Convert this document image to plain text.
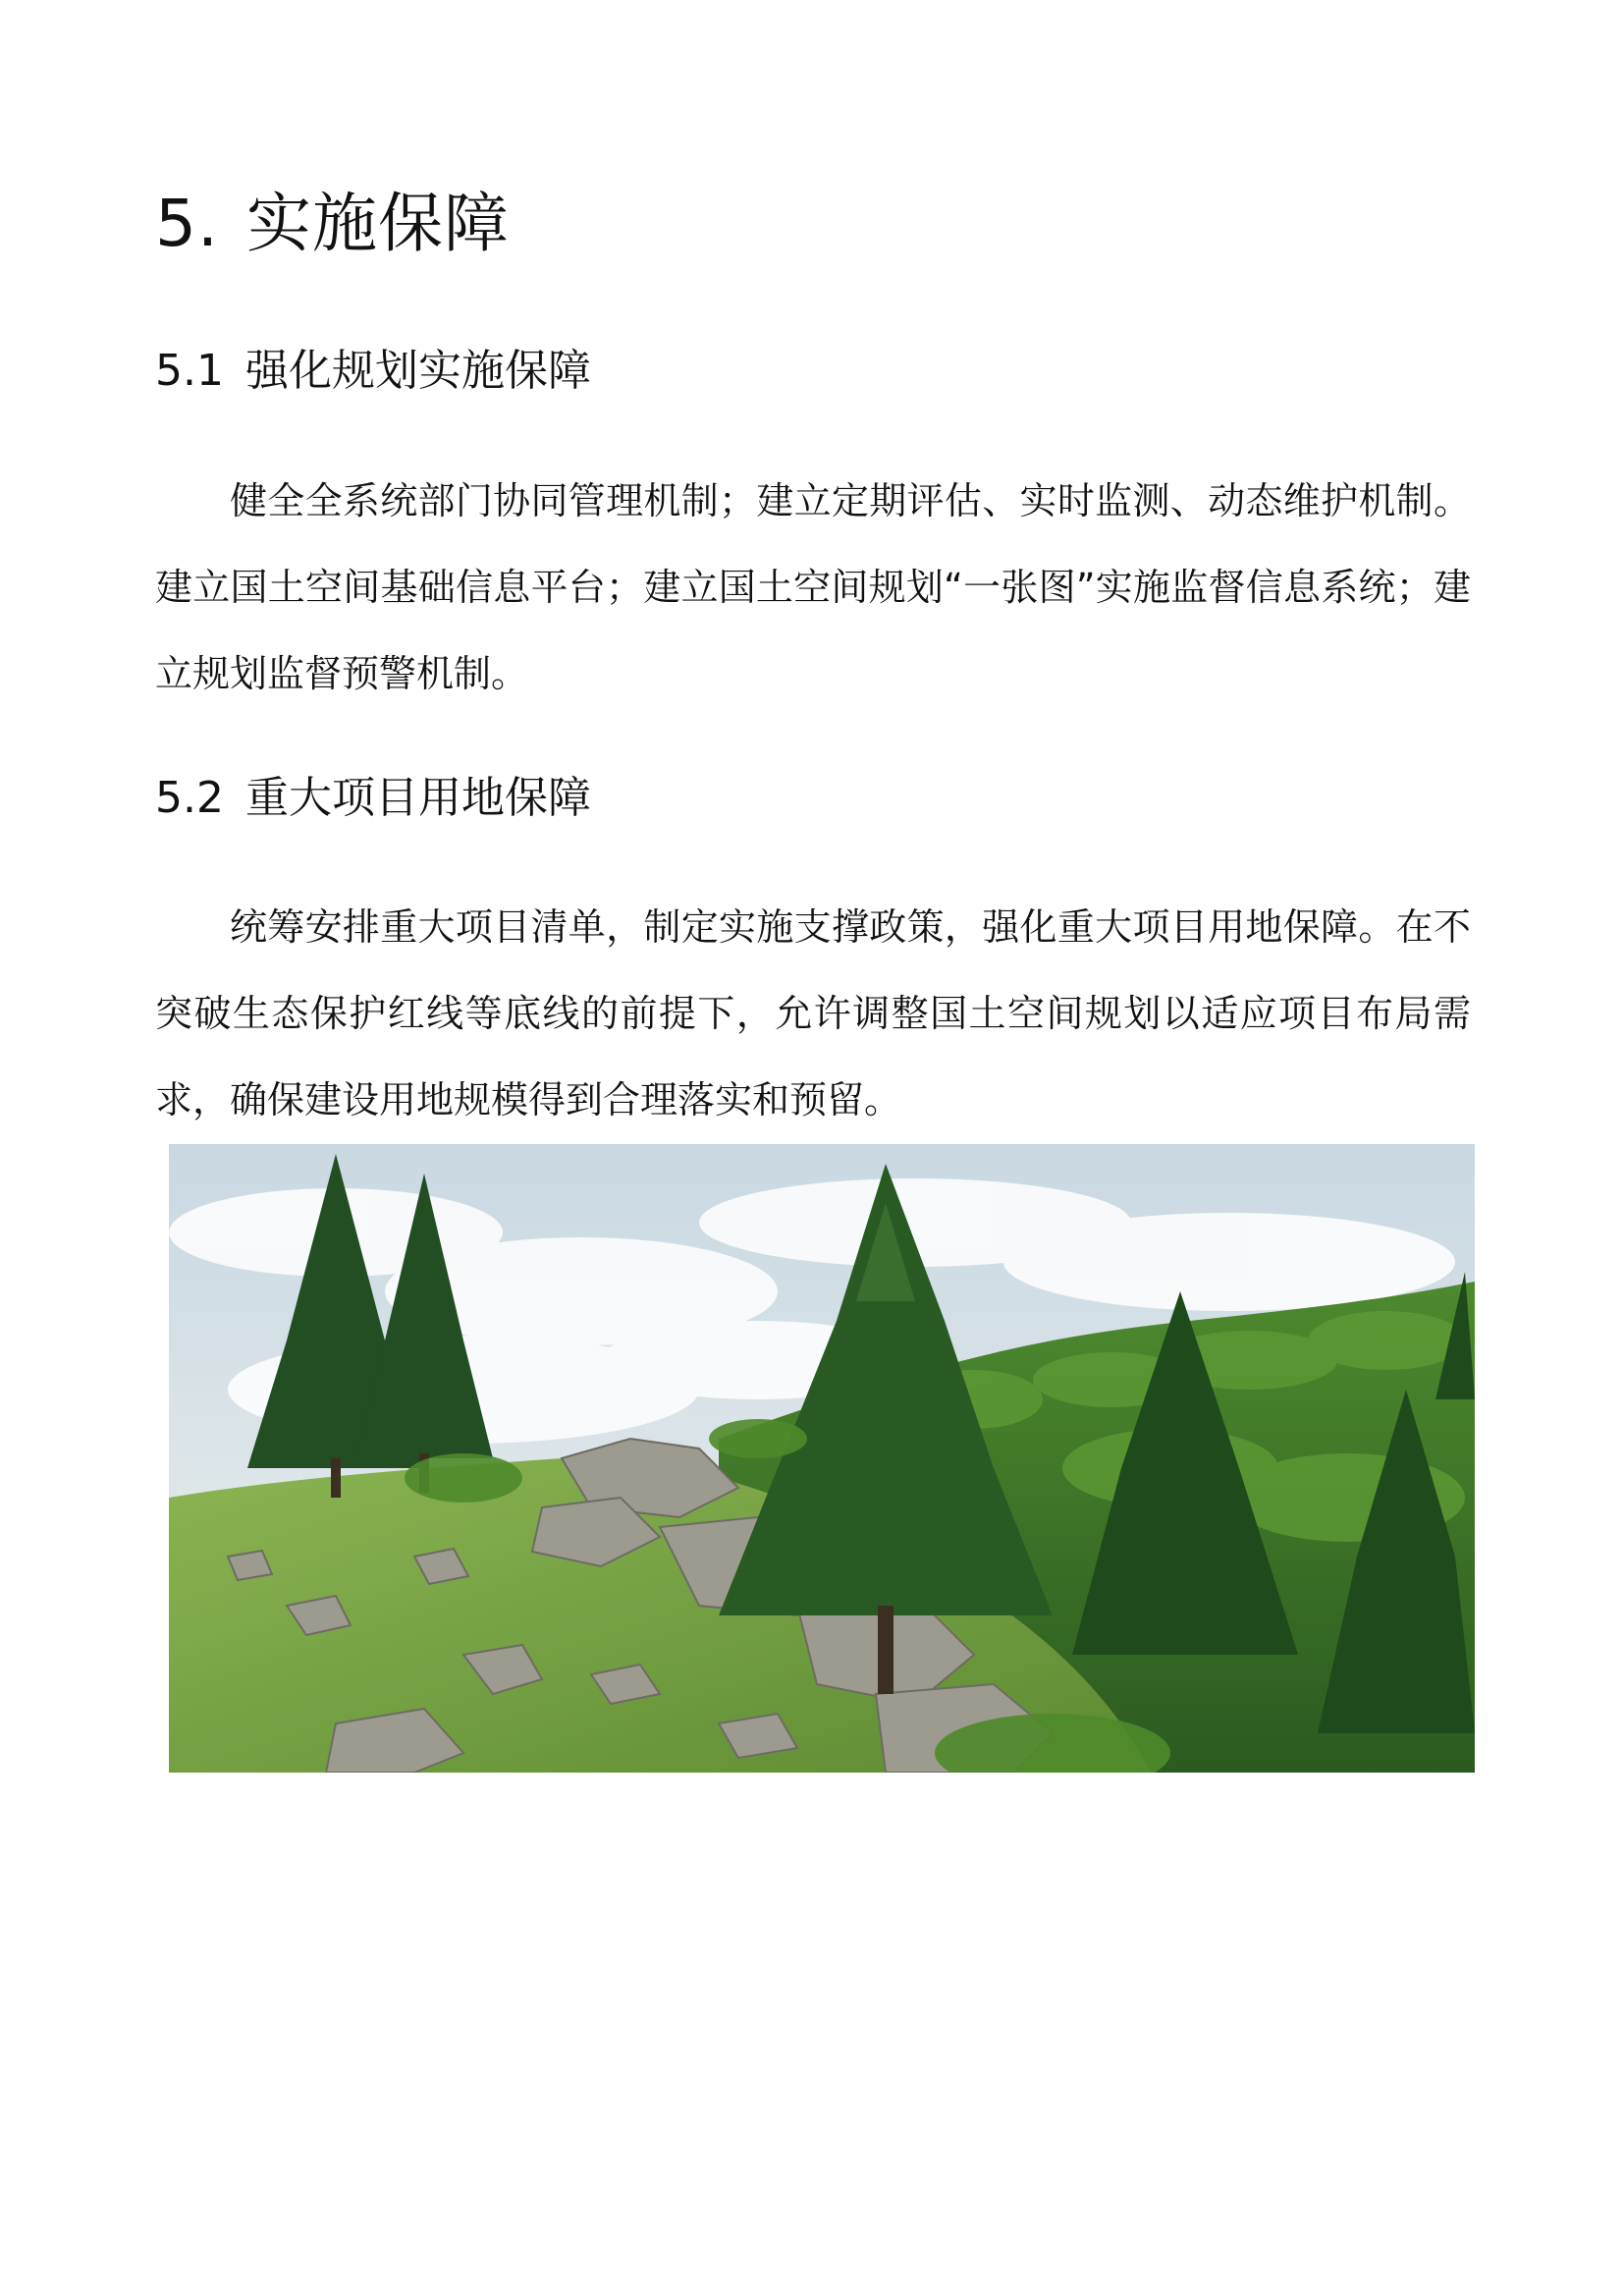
5. 实施保障
5.1 强化规划实施保障

健全全系统部门协同管理机制；建立定期评估、实时监测、动态维护机制。建立国土空间基础信息平台；建立国土空间规划“一张图”实施监督信息系统；建立规划监督预警机制。

5.2 重大项目用地保障

统筹安排重大项目清单，制定实施支撑政策，强化重大项目用地保障。在不突破生态保护红线等底线的前提下，允许调整国土空间规划以适应项目布局需求，确保建设用地规模得到合理落实和预留。
